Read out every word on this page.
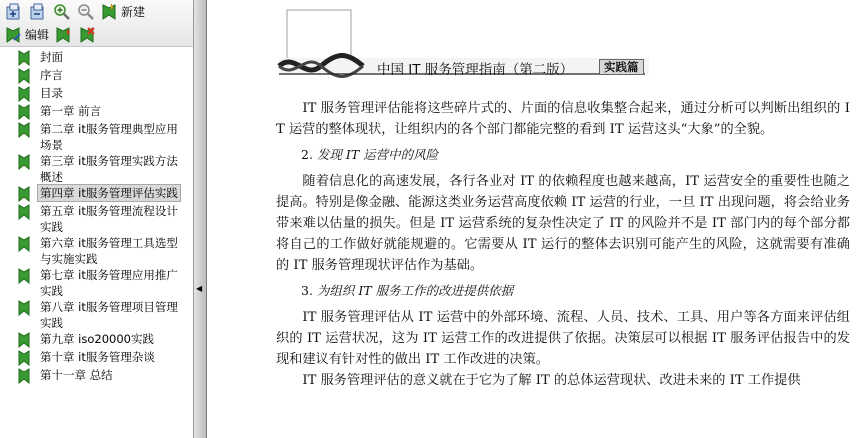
新建
编辑
封面
序言
目录
第一章 前言
第二章 it服务管理典型应用场景
第三章 it服务管理实践方法概述
第四章 it服务管理评估实践
第五章 it服务管理流程设计实践
第六章 it服务管理工具选型与实施实践
第七章 it服务管理应用推广实践
第八章 it服务管理项目管理实践
第九章 iso20000实践
第十章 it服务管理杂谈
第十一章 总结
◀
中国 IT 服务管理指南（第二版）	实践篇

IT 服务管理评估能将这些碎片式的、片面的信息收集整合起来，通过分析可以判断出组织的 IT 运营的整体现状，让组织内的各个部门都能完整的看到 IT 运营这头“大象”的全貌。

2. 发现 IT 运营中的风险

随着信息化的高速发展，各行各业对 IT 的依赖程度也越来越高，IT 运营安全的重要性也随之提高。特别是像金融、能源这类业务运营高度依赖 IT 运营的行业，一旦 IT 出现问题，将会给业务带来难以估量的损失。但是 IT 运营系统的复杂性决定了 IT 的风险并不是 IT 部门内的每个部分都将自己的工作做好就能规避的。它需要从 IT 运行的整体去识别可能产生的风险，这就需要有准确的 IT 服务管理现状评估作为基础。

3. 为组织 IT 服务工作的改进提供依据

IT 服务管理评估从 IT 运营中的外部环境、流程、人员、技术、工具、用户等各方面来评估组织的 IT 运营状况，这为 IT 运营工作的改进提供了依据。决策层可以根据 IT 服务评估报告中的发现和建议有针对性的做出 IT 工作改进的决策。

IT 服务管理评估的意义就在于它为了解 IT 的总体运营现状、改进未来的 IT 工作提供
